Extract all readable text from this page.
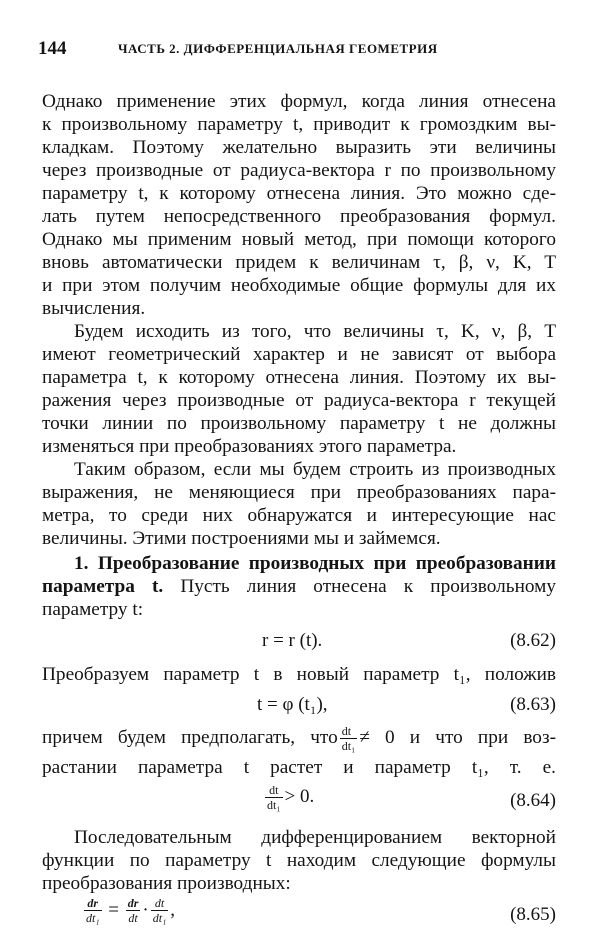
144	ЧАСТЬ 2. ДИФФЕРЕНЦИАЛЬНАЯ ГЕОМЕТРИЯ
Однако применение этих формул, когда линия отнесена
к произвольному параметру t, приводит к громоздким вы-
кладкам. Поэтому желательно выразить эти величины
через производные от радиуса-вектора r по произвольному
параметру t, к которому отнесена линия. Это можно сде-
лать путем непосредственного преобразования формул.
Однако мы применим новый метод, при помощи которого
вновь автоматически придем к величинам τ, β, ν, K, T
и при этом получим необходимые общие формулы для их
вычисления.
Будем исходить из того, что величины τ, K, ν, β, T
имеют геометрический характер и не зависят от выбора
параметра t, к которому отнесена линия. Поэтому их вы-
ражения через производные от радиуса-вектора r текущей
точки линии по произвольному параметру t не должны
изменяться при преобразованиях этого параметра.
Таким образом, если мы будем строить из производных
выражения, не меняющиеся при преобразованиях пара-
метра, то среди них обнаружатся и интересующие нас
величины. Этими построениями мы и займемся.
1. Преобразование производных при преобразовании
параметра t. Пусть линия отнесена к произвольному
параметру t:
r = r (t).	(8.62)
Преобразуем параметр t в новый параметр t₁, положив
t = φ (t₁),	(8.63)
причем будем предполагать, что $\frac{dt}{\text{dt₁}} \ne 0$ и что при воз-
растании параметра t растет и параметр t₁, т. е.
$\frac{dt}{\text{dt₁}} > 0$.	(8.64)
Последовательным дифференцированием векторной
функции по параметру t находим следующие формулы
преобразования производных:
$\frac{dr}{\text{dt₁}} = \frac{dr}{dt} \cdot \frac{dt}{\text{dt₁}}$ ,	(8.65)
